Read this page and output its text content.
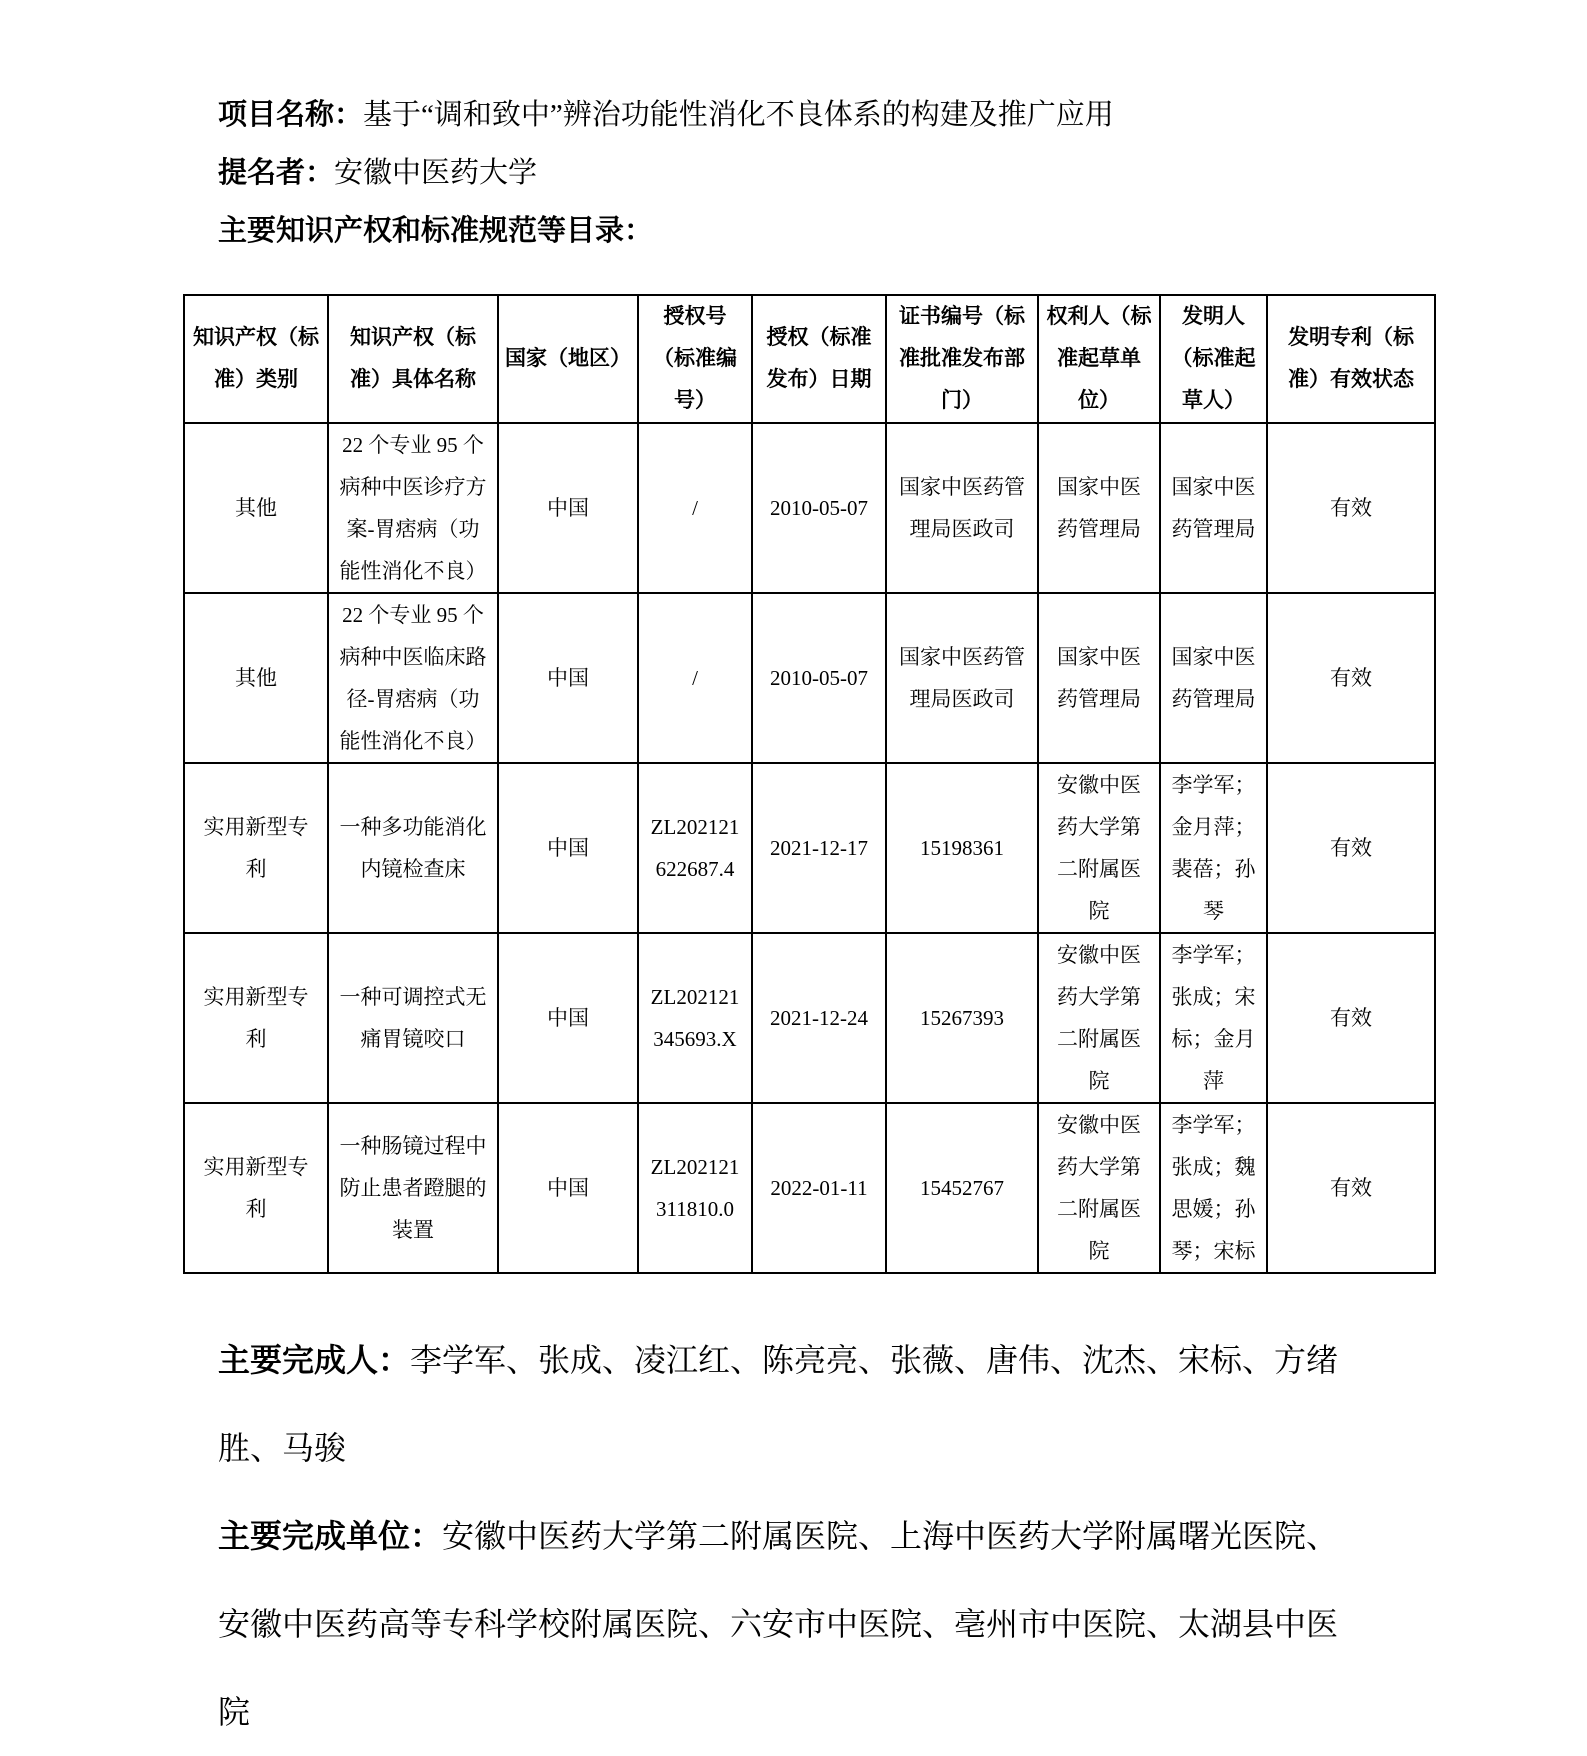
项目名称：基于“调和致中”辨治功能性消化不良体系的构建及推广应用

提名者：安徽中医药大学

主要知识产权和标准规范等目录：

知识产权（标准）类别	知识产权（标准）具体名称	国家（地区）	授权号（标准编号）	授权（标准发布）日期	证书编号（标准批准发布部门）	权利人（标准起草单位）	发明人（标准起草人）	发明专利（标准）有效状态
其他	22 个专业 95 个病种中医诊疗方案-胃痞病（功能性消化不良）	中国	/	2010-05-07	国家中医药管理局医政司	国家中医药管理局	国家中医药管理局	有效
其他	22 个专业 95 个病种中医临床路径-胃痞病（功能性消化不良）	中国	/	2010-05-07	国家中医药管理局医政司	国家中医药管理局	国家中医药管理局	有效
实用新型专利	一种多功能消化内镜检查床	中国	ZL202121622687.4	2021-12-17	15198361	安徽中医药大学第二附属医院	李学军；金月萍；裴蓓；孙琴	有效
实用新型专利	一种可调控式无痛胃镜咬口	中国	ZL202121345693.X	2021-12-24	15267393	安徽中医药大学第二附属医院	李学军；张成；宋标；金月萍	有效
实用新型专利	一种肠镜过程中防止患者蹬腿的装置	中国	ZL202121311810.0	2022-01-11	15452767	安徽中医药大学第二附属医院	李学军；张成；魏思媛；孙琴；宋标	有效

主要完成人：李学军、张成、凌江红、陈亮亮、张薇、唐伟、沈杰、宋标、方绪胜、马骏

主要完成单位：安徽中医药大学第二附属医院、上海中医药大学附属曙光医院、安徽中医药高等专科学校附属医院、六安市中医院、亳州市中医院、太湖县中医院
